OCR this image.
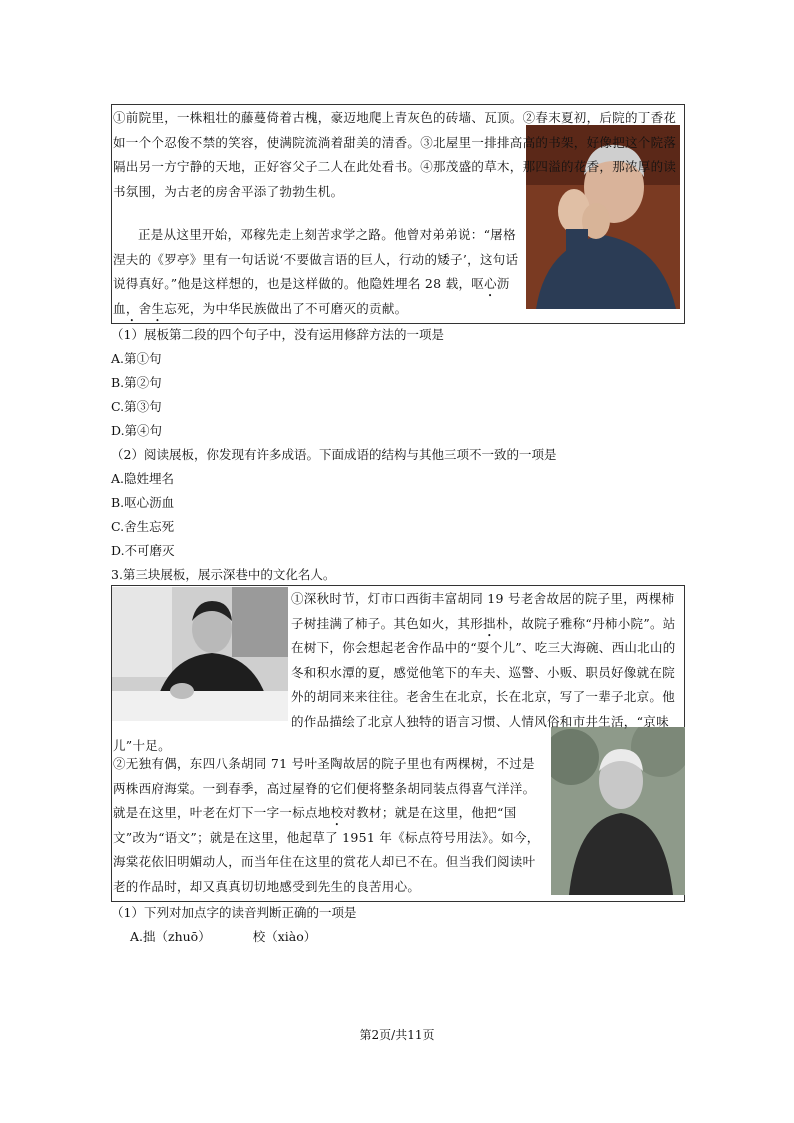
①前院里，一株粗壮的藤蔓倚着古槐，豪迈地爬上青灰色的砖墙、瓦顶。②春末夏初，后院的丁香花如一个个忍俊不禁的笑容，使满院流淌着甜美的清香。③北屋里一排排高高的书架，好像把这个院落隔出另一方宁静的天地，正好容父子二人在此处看书。④那茂盛的草木，那四溢的花香，那浓厚的读书氛围，为古老的房舍平添了勃勃生机。

正是从这里开始，邓稼先走上刻苦求学之路。他曾对弟弟说：“屠格涅夫的《罗亭》里有一句话说‘不要做言语的巨人，行动的矮子’，这句话说得真好。”他是这样想的，也是这样做的。他隐姓埋名 28 载，呕心沥血，舍生忘死，为中华民族做出了不可磨灭的贡献。

（1）展板第二段的四个句子中，没有运用修辞方法的一项是

A.第①句

B.第②句

C.第③句

D.第④句

（2）阅读展板，你发现有许多成语。下面成语的结构与其他三项不一致的一项是

A.隐姓埋名

B.呕心沥血

C.舍生忘死

D.不可磨灭

3.第三块展板，展示深巷中的文化名人。

①深秋时节，灯市口西街丰富胡同 19 号老舍故居的院子里，两棵柿子树挂满了柿子。其色如火，其形拙朴，故院子雅称“丹柿小院”。站在树下，你会想起老舍作品中的“耍个儿”、吃三大海碗、西山北山的冬和积水潭的夏，感觉他笔下的车夫、巡警、小贩、职员好像就在院外的胡同来来往往。老舍生在北京，长在北京，写了一辈子北京。他的作品描绘了北京人独特的语言习惯、人情风俗和市井生活，“京味儿”十足。

②无独有偶，东四八条胡同 71 号叶圣陶故居的院子里也有两棵树，不过是两株西府海棠。一到春季，高过屋脊的它们便将整条胡同装点得喜气洋洋。就是在这里，叶老在灯下一字一标点地校对教材；就是在这里，他把“国文”改为“语文”；就是在这里，他起草了 1951 年《标点符号用法》。如今，海棠花依旧明媚动人，而当年住在这里的赏花人却已不在。但当我们阅读叶老的作品时，却又真真切切地感受到先生的良苦用心。

（1）下列对加点字的读音判断正确的一项是

A.拙（zhuō）	校（xiào）

第2页/共11页
